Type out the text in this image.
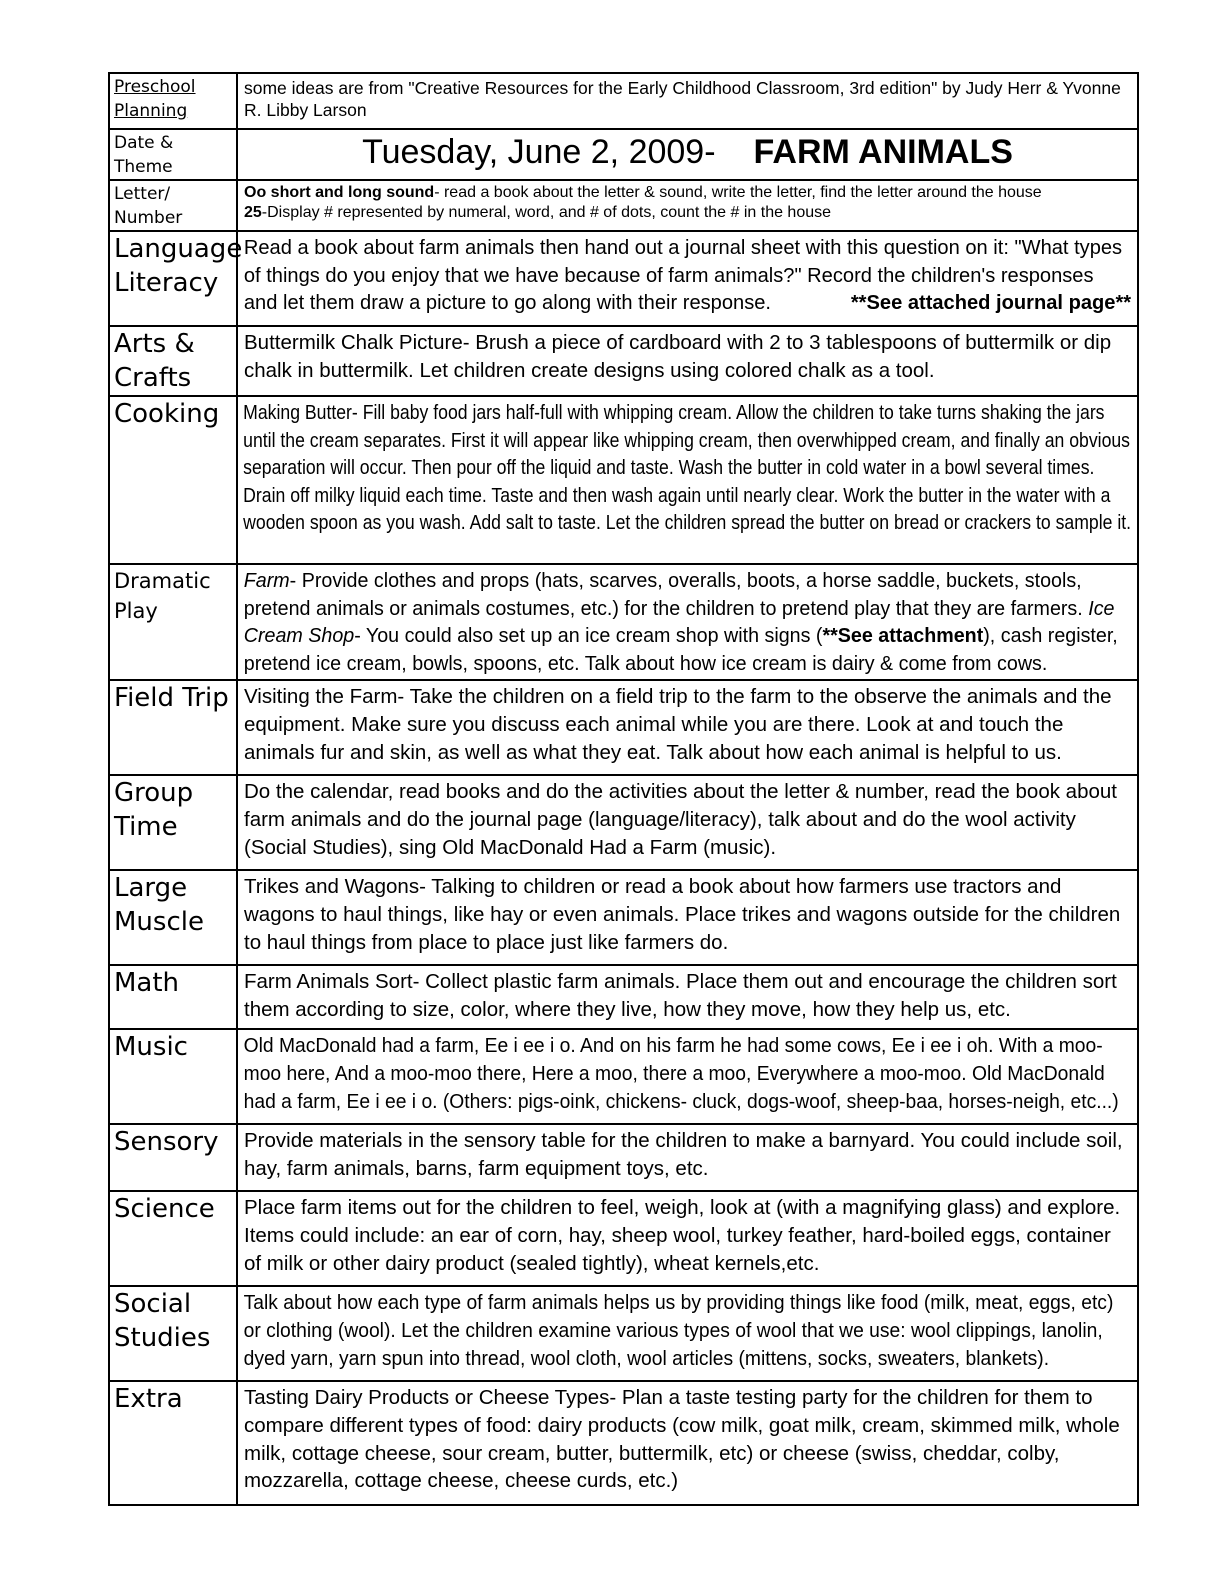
Preschool Planning	some ideas are from "Creative Resources for the Early Childhood Classroom, 3rd edition" by Judy Herr & Yvonne R. Libby Larson

Date & Theme	Tuesday, June 2, 2009- FARM ANIMALS

Letter/ Number	Oo short and long sound- read a book about the letter & sound, write the letter, find the letter around the house
25-Display # represented by numeral, word, and # of dots, count the # in the house

Language Literacy	Read a book about farm animals then hand out a journal sheet with this question on it: "What types of things do you enjoy that we have because of farm animals?" Record the children's responses and let them draw a picture to go along with their response. **See attached journal page**

Arts & Crafts	Buttermilk Chalk Picture- Brush a piece of cardboard with 2 to 3 tablespoons of buttermilk or dip chalk in buttermilk. Let children create designs using colored chalk as a tool.

Cooking	Making Butter- Fill baby food jars half-full with whipping cream. Allow the children to take turns shaking the jars until the cream separates. First it will appear like whipping cream, then overwhipped cream, and finally an obvious separation will occur. Then pour off the liquid and taste. Wash the butter in cold water in a bowl several times. Drain off milky liquid each time. Taste and then wash again until nearly clear. Work the butter in the water with a wooden spoon as you wash. Add salt to taste. Let the children spread the butter on bread or crackers to sample it.

Dramatic Play	Farm- Provide clothes and props (hats, scarves, overalls, boots, a horse saddle, buckets, stools, pretend animals or animals costumes, etc.) for the children to pretend play that they are farmers. Ice Cream Shop- You could also set up an ice cream shop with signs (**See attachment), cash register, pretend ice cream, bowls, spoons, etc. Talk about how ice cream is dairy & come from cows.

Field Trip	Visiting the Farm- Take the children on a field trip to the farm to the observe the animals and the equipment. Make sure you discuss each animal while you are there. Look at and touch the animals fur and skin, as well as what they eat. Talk about how each animal is helpful to us.

Group Time	Do the calendar, read books and do the activities about the letter & number, read the book about farm animals and do the journal page (language/literacy), talk about and do the wool activity (Social Studies), sing Old MacDonald Had a Farm (music).

Large Muscle	Trikes and Wagons- Talking to children or read a book about how farmers use tractors and wagons to haul things, like hay or even animals. Place trikes and wagons outside for the children to haul things from place to place just like farmers do.

Math	Farm Animals Sort- Collect plastic farm animals. Place them out and encourage the children sort them according to size, color, where they live, how they move, how they help us, etc.

Music	Old MacDonald had a farm, Ee i ee i o. And on his farm he had some cows, Ee i ee i oh. With a moo-moo here, And a moo-moo there, Here a moo, there a moo, Everywhere a moo-moo. Old MacDonald had a farm, Ee i ee i o. (Others: pigs-oink, chickens- cluck, dogs-woof, sheep-baa, horses-neigh, etc...)

Sensory	Provide materials in the sensory table for the children to make a barnyard. You could include soil, hay, farm animals, barns, farm equipment toys, etc.

Science	Place farm items out for the children to feel, weigh, look at (with a magnifying glass) and explore. Items could include: an ear of corn, hay, sheep wool, turkey feather, hard-boiled eggs, container of milk or other dairy product (sealed tightly), wheat kernels,etc.

Social Studies	Talk about how each type of farm animals helps us by providing things like food (milk, meat, eggs, etc) or clothing (wool). Let the children examine various types of wool that we use: wool clippings, lanolin, dyed yarn, yarn spun into thread, wool cloth, wool articles (mittens, socks, sweaters, blankets).

Extra	Tasting Dairy Products or Cheese Types- Plan a taste testing party for the children for them to compare different types of food: dairy products (cow milk, goat milk, cream, skimmed milk, whole milk, cottage cheese, sour cream, butter, buttermilk, etc) or cheese (swiss, cheddar, colby, mozzarella, cottage cheese, cheese curds, etc.)
